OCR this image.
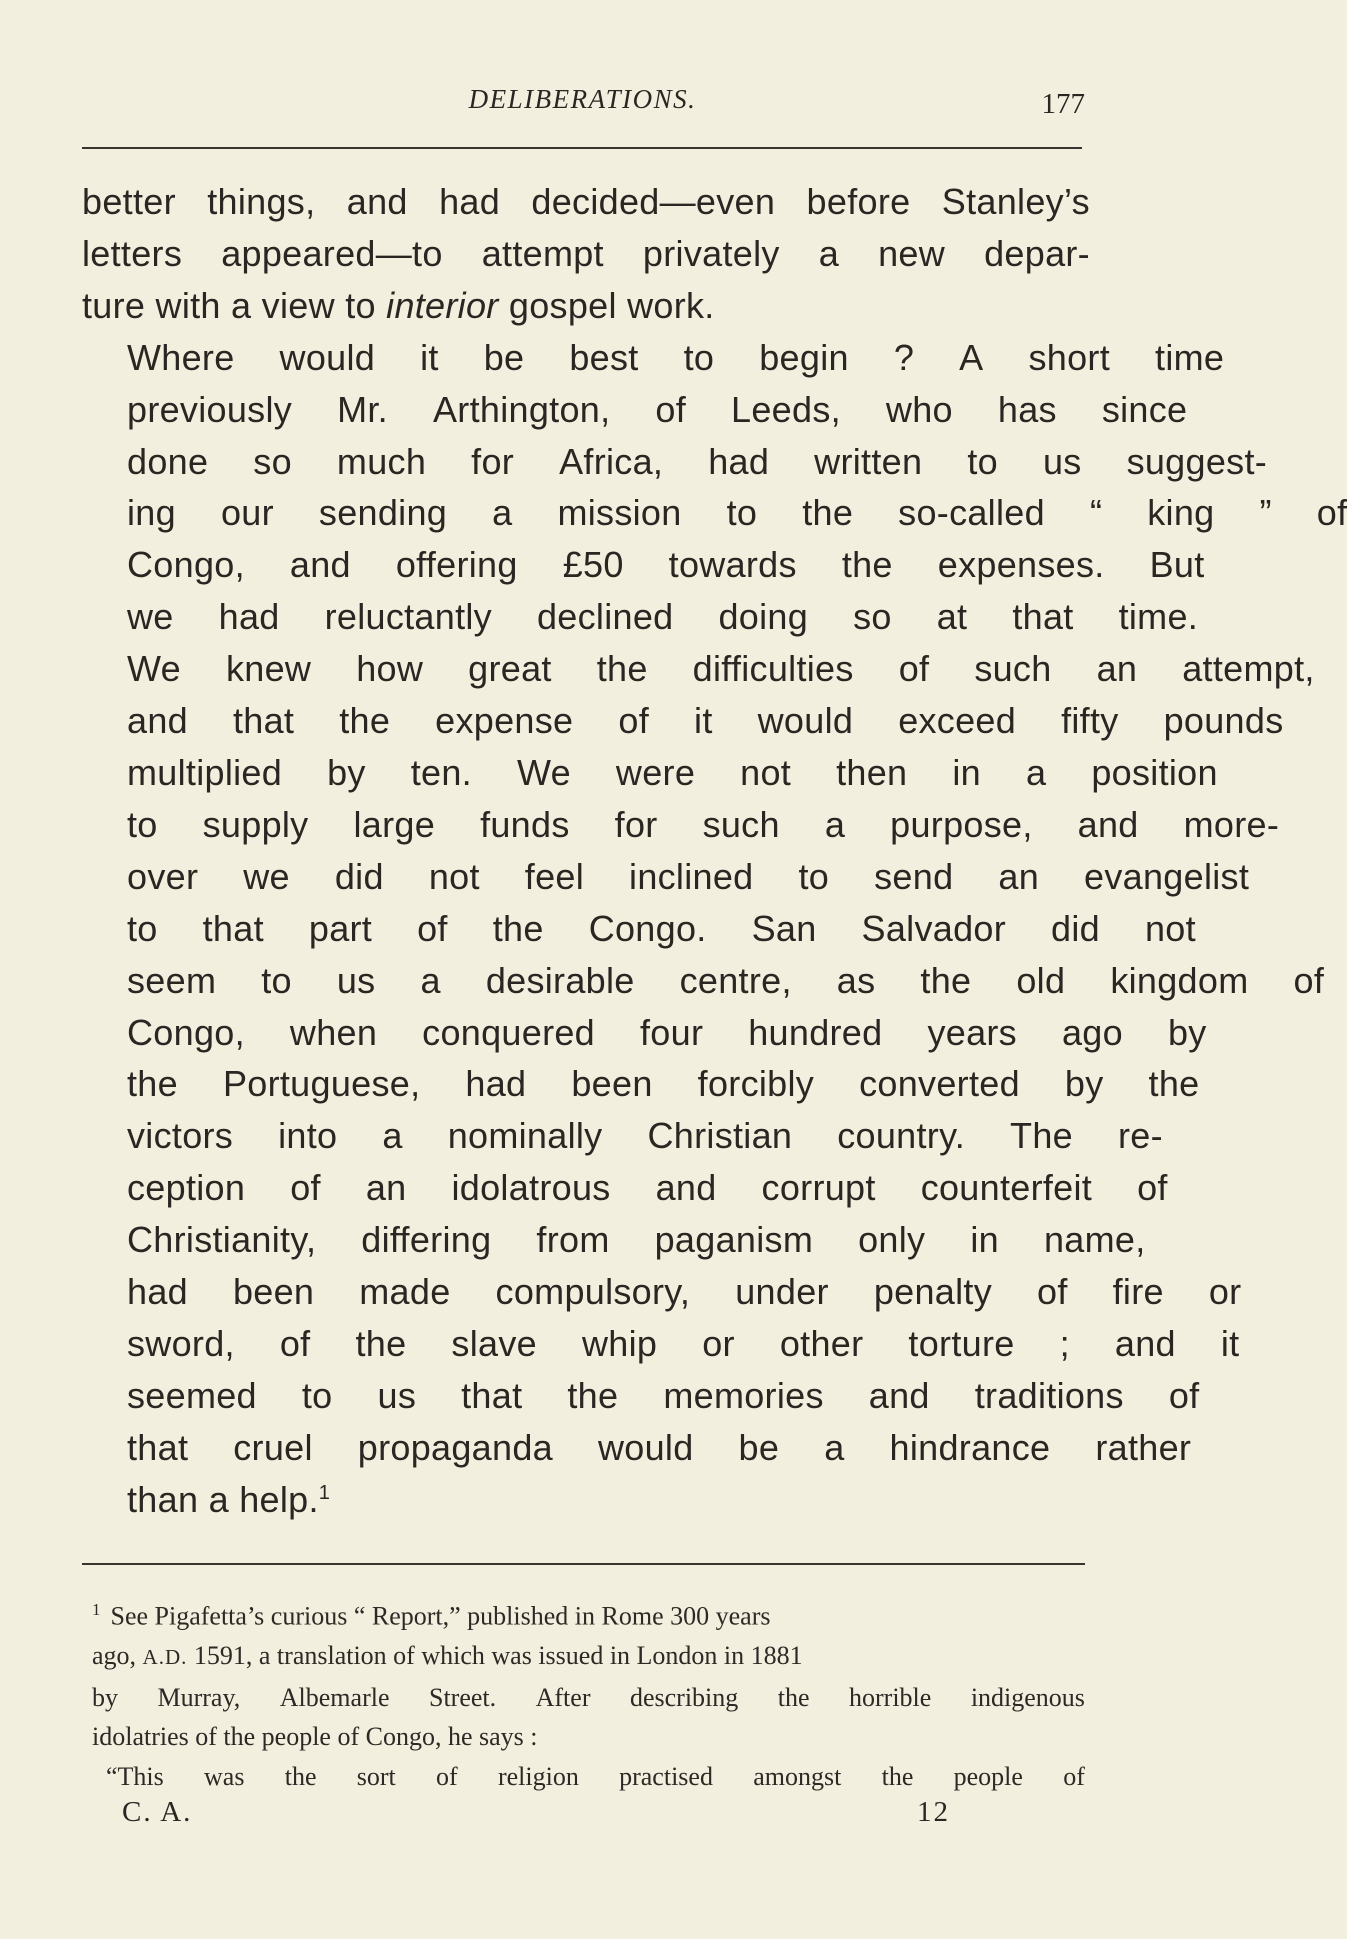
DELIBERATIONS.	177

better things, and had decided—even before Stanley’s
letters appeared—to attempt privately a new depar-
ture with a view to interior gospel work.

Where	would	it	be	best	to	begin	?	A	short	time
previously	Mr.	Arthington,	of	Leeds,	who	has	since
done	so	much	for	Africa,	had	written	to	us	suggest-
ing	our	sending	a	mission	to	the	so-called	“	king	”	of
Congo,	and	offering	£50	towards	the	expenses.	But
we	had	reluctantly	declined	doing	so	at	that	time.
We	knew	how	great	the	difficulties	of	such	an	attempt,
and	that	the	expense	of	it	would	exceed	fifty	pounds
multiplied	by	ten.	We	were	not	then	in	a	position
to	supply	large	funds	for	such	a	purpose,	and	more-
over	we	did	not	feel	inclined	to	send	an	evangelist
to	that	part	of	the	Congo.	San	Salvador	did	not
seem	to	us	a	desirable	centre,	as	the	old	kingdom	of
Congo,	when	conquered	four	hundred	years	ago	by
the	Portuguese,	had	been	forcibly	converted	by	the
victors	into	a	nominally	Christian	country.	The	re-
ception	of	an	idolatrous	and	corrupt	counterfeit	of
Christianity,	differing	from	paganism	only	in	name,
had	been	made	compulsory,	under	penalty	of	fire	or
sword,	of	the	slave	whip	or	other	torture	;	and	it
seemed	to	us	that	the	memories	and	traditions	of
that	cruel	propaganda	would	be	a	hindrance	rather
than a help.$^1$

$^1$ See Pigafetta’s curious “ Report,” published in Rome 300 years
ago, A.D. 1591, a translation of which was issued in London in 1881
by Murray, Albemarle Street. After describing the horrible indigenous
idolatries of the people of Congo, he says :
“This was the sort of religion practised amongst the people of

C. A.	12
